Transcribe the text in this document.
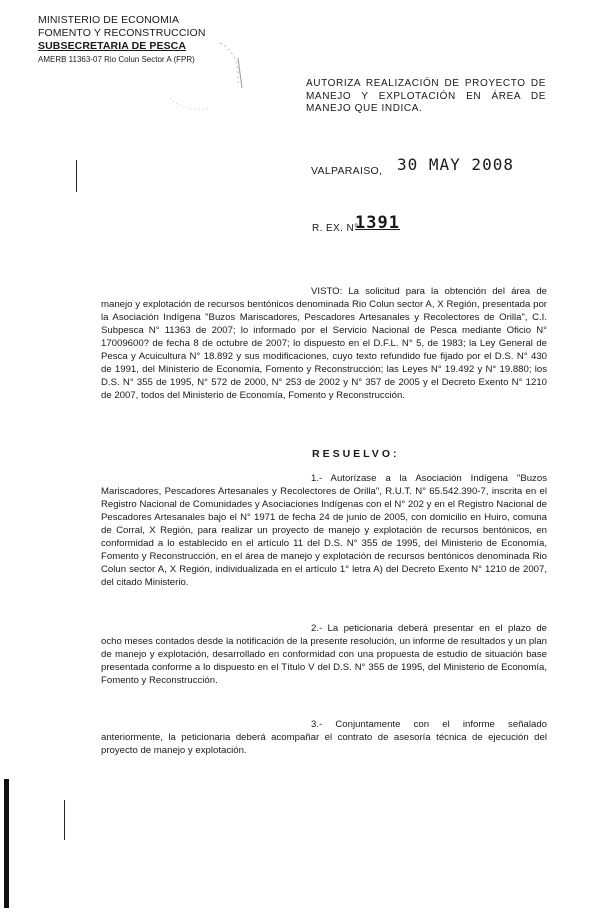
MINISTERIO DE ECONOMIA
FOMENTO Y RECONSTRUCCION
SUBSECRETARIA DE PESCA
AMERB 11363-07 Rio Colun Sector A (FPR)
AUTORIZA REALIZACIÓN DE PROYECTO DE MANEJO Y EXPLOTACIÓN EN ÁREA DE MANEJO QUE INDICA.
VALPARAISO, 30 MAY 2008
R. EX. N°
1391
VISTO: La solicitud para la obtención del área de manejo y explotación de recursos bentónicos denominada Rio Colun sector A, X Región, presentada por la Asociación Indígena "Buzos Mariscadores, Pescadores Artesanales y Recolectores de Orilla", C.I. Subpesca N° 11363 de 2007; lo informado por el Servicio Nacional de Pesca mediante Oficio N° 17009600? de fecha 8 de octubre de 2007; lo dispuesto en el D.F.L. N° 5, de 1983; la Ley General de Pesca y Acuicultura N° 18.892 y sus modificaciones, cuyo texto refundido fue fijado por el D.S. N° 430 de 1991, del Ministerio de Economía, Fomento y Reconstrucción; las Leyes N° 19.492 y N° 19.880; los D.S. N° 355 de 1995, N° 572 de 2000, N° 253 de 2002 y N° 357 de 2005 y el Decreto Exento N° 1210 de 2007, todos del Ministerio de Economía, Fomento y Reconstrucción.
RESUELVO:
1.- Autorízase a la Asociación Indígena "Buzos Mariscadores, Pescadores Artesanales y Recolectores de Orilla", R.U.T. N° 65.542.390-7, inscrita en el Registro Nacional de Comunidades y Asociaciones Indígenas con el N° 202 y en el Registro Nacional de Pescadores Artesanales bajo el N° 1971 de fecha 24 de junio de 2005, con domicilio en Huiro, comuna de Corral, X Región, para realizar un proyecto de manejo y explotación de recursos bentónicos, en conformidad a lo establecido en el artículo 11 del D.S. N° 355 de 1995, del Ministerio de Economía, Fomento y Reconstrucción, en el área de manejo y explotación de recursos bentónicos denominada Rio Colun sector A, X Región, individualizada en el artículo 1° letra A) del Decreto Exento N° 1210 de 2007, del citado Ministerio.
2.- La peticionaria deberá presentar en el plazo de ocho meses contados desde la notificación de la presente resolución, un informe de resultados y un plan de manejo y explotación, desarrollado en conformidad con una propuesta de estudio de situación base presentada conforme a lo dispuesto en el Título V del D.S. N° 355 de 1995, del Ministerio de Economía, Fomento y Reconstrucción.
3.- Conjuntamente con el informe señalado anteriormente, la peticionaria deberá acompañar el contrato de asesoría técnica de ejecución del proyecto de manejo y explotación.
